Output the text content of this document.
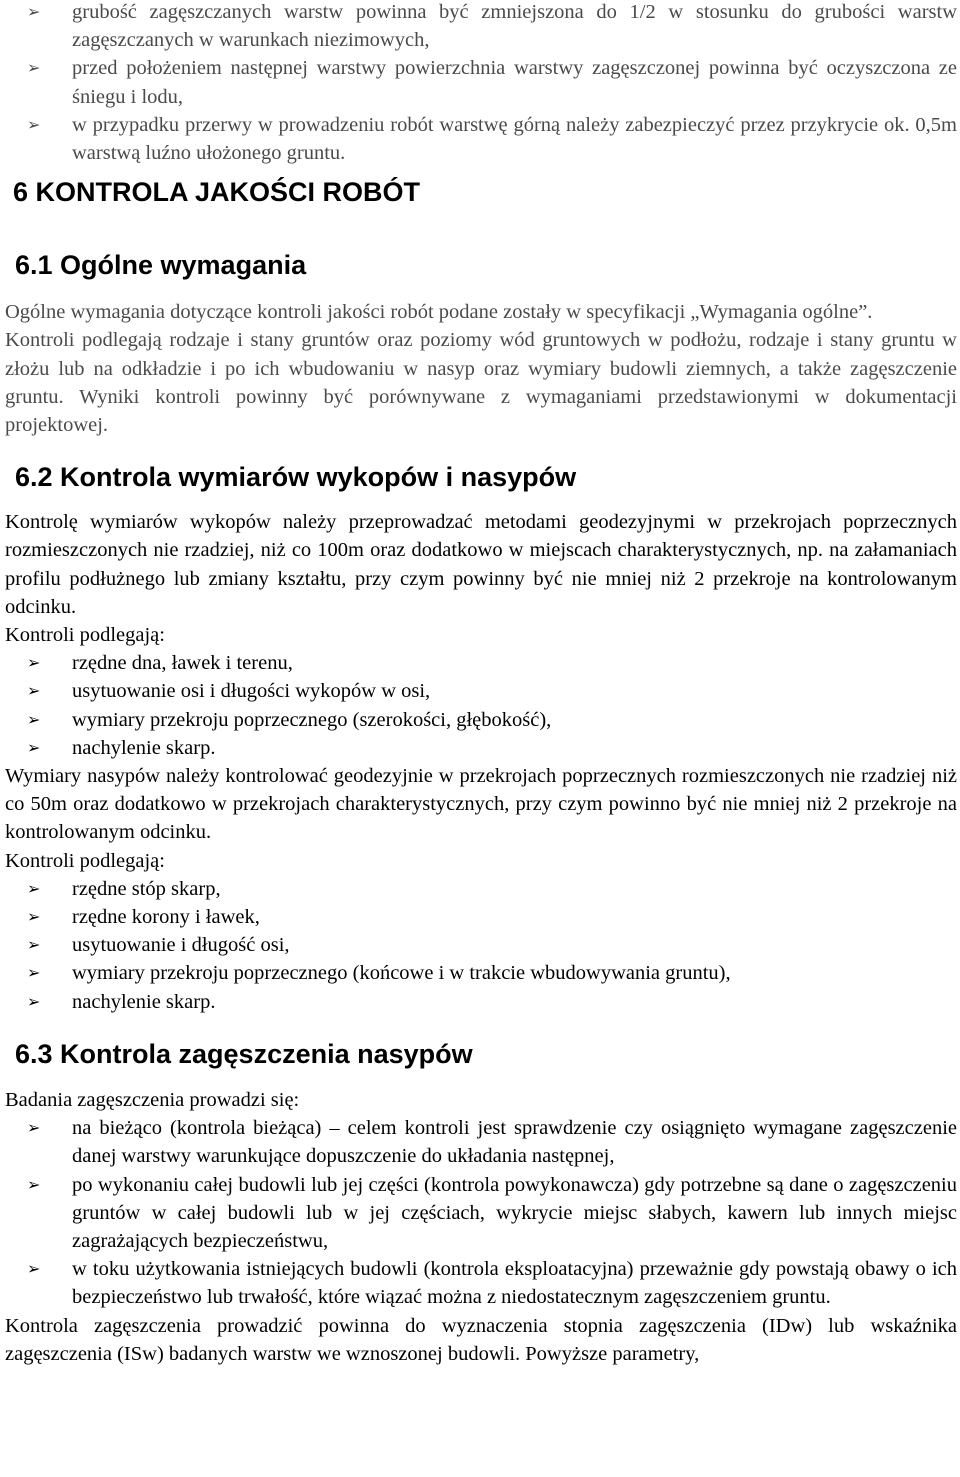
➢ grubość zagęszczanych warstw powinna być zmniejszona do 1/2 w stosunku do grubości warstw zagęszczanych w warunkach niezimowych,
➢ przed położeniem następnej warstwy powierzchnia warstwy zagęszczonej powinna być oczyszczona ze śniegu i lodu,
➢ w przypadku przerwy w prowadzeniu robót warstwę górną należy zabezpieczyć przez przykrycie ok. 0,5m warstwą luźno ułożonego gruntu.
6 KONTROLA JAKOŚCI ROBÓT
6.1 Ogólne wymagania

Ogólne wymagania dotyczące kontroli jakości robót podane zostały w specyfikacji „Wymagania ogólne”.

Kontroli podlegają rodzaje i stany gruntów oraz poziomy wód gruntowych w podłożu, rodzaje i stany gruntu w złożu lub na odkładzie i po ich wbudowaniu w nasyp oraz wymiary budowli ziemnych, a także zagęszczenie gruntu. Wyniki kontroli powinny być porównywane z wymaganiami przedstawionymi w dokumentacji projektowej.

6.2 Kontrola wymiarów wykopów i nasypów

Kontrolę wymiarów wykopów należy przeprowadzać metodami geodezyjnymi w przekrojach poprzecznych rozmieszczonych nie rzadziej, niż co 100m oraz dodatkowo w miejscach charakterystycznych, np. na załamaniach profilu podłużnego lub zmiany kształtu, przy czym powinny być nie mniej niż 2 przekroje na kontrolowanym odcinku.

Kontroli podlegają:

➢ rzędne dna, ławek i terenu,
➢ usytuowanie osi i długości wykopów w osi,
➢ wymiary przekroju poprzecznego (szerokości, głębokość),
➢ nachylenie skarp.

Wymiary nasypów należy kontrolować geodezyjnie w przekrojach poprzecznych rozmieszczonych nie rzadziej niż co 50m oraz dodatkowo w przekrojach charakterystycznych, przy czym powinno być nie mniej niż 2 przekroje na kontrolowanym odcinku.

Kontroli podlegają:

➢ rzędne stóp skarp,
➢ rzędne korony i ławek,
➢ usytuowanie i długość osi,
➢ wymiary przekroju poprzecznego (końcowe i w trakcie wbudowywania gruntu),
➢ nachylenie skarp.
6.3 Kontrola zagęszczenia nasypów

Badania zagęszczenia prowadzi się:

➢ na bieżąco (kontrola bieżąca) – celem kontroli jest sprawdzenie czy osiągnięto wymagane zagęszczenie danej warstwy warunkujące dopuszczenie do układania następnej,
➢ po wykonaniu całej budowli lub jej części (kontrola powykonawcza) gdy potrzebne są dane o zagęszczeniu gruntów w całej budowli lub w jej częściach, wykrycie miejsc słabych, kawern lub innych miejsc zagrażających bezpieczeństwu,
➢ w toku użytkowania istniejących budowli (kontrola eksploatacyjna) przeważnie gdy powstają obawy o ich bezpieczeństwo lub trwałość, które wiązać można z niedostatecznym zagęszczeniem gruntu.

Kontrola zagęszczenia prowadzić powinna do wyznaczenia stopnia zagęszczenia (IDw) lub wskaźnika zagęszczenia (ISw) badanych warstw we wznoszonej budowli. Powyższe parametry,
